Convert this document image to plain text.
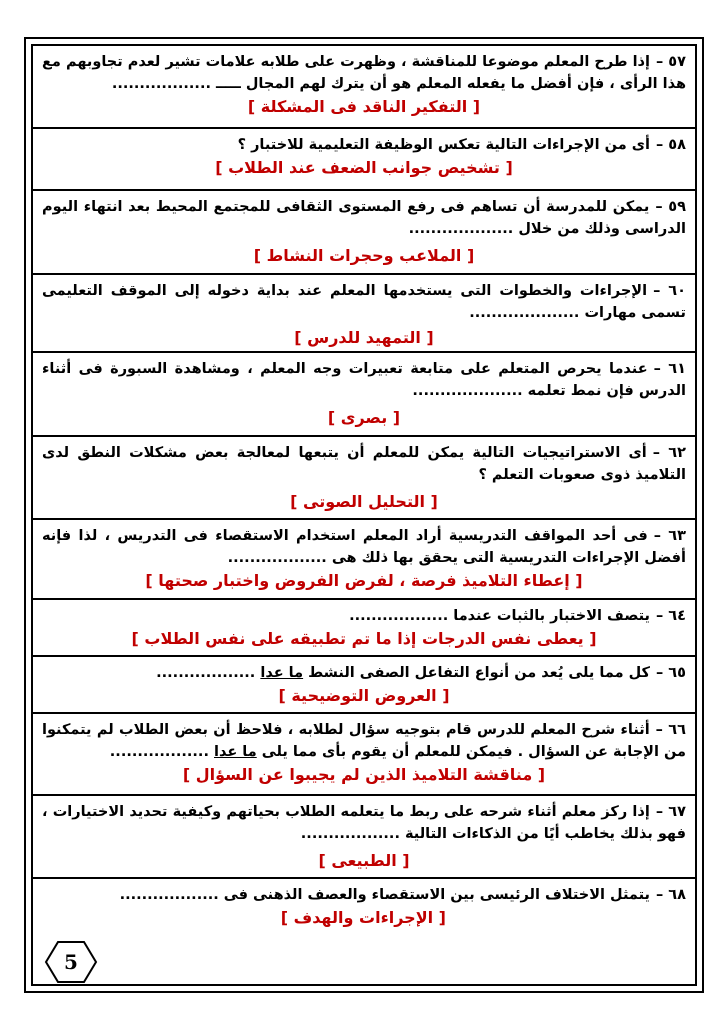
٥٧ –إذا طرح المعلم موضوعا للمناقشة ، وظهرت على طلابه علامات تشير لعدم تجاوبهم مع هذا الرأى ، فإن أفضل ما يفعله المعلم هو أن يترك لهم المجال ـــــ ..................
[ التفكير الناقد فى المشكلة ]
٥٨ –أى من الإجراءات التالية تعكس الوظيفة التعليمية للاختبار ؟
[ تشخيص جوانب الضعف عند الطلاب ]
٥٩ –يمكن للمدرسة أن تساهم فى رفع المستوى الثقافى للمجتمع المحيط بعد انتهاء اليوم الدراسى وذلك من خلال ...................
[ الملاعب وحجرات النشاط ]
٦٠ –الإجراءات والخطوات التى يستخدمها المعلم عند بداية دخوله إلى الموقف التعليمى تسمى مهارات ....................
[ التمهيد للدرس ]
٦١ –عندما يحرص المتعلم على متابعة تعبيرات وجه المعلم ، ومشاهدة السبورة فى أثناء الدرس فإن نمط تعلمه ....................
[ بصرى ]
٦٢ –أى الاستراتيجيات التالية يمكن للمعلم أن يتبعها لمعالجة بعض مشكلات النطق لدى التلاميذ ذوى صعوبات التعلم ؟
[ التحليل الصوتى ]
٦٣ –فى أحد المواقف التدريسية أراد المعلم استخدام الاستقصاء فى التدريس ، لذا فإنه أفضل الإجراءات التدريسية التى يحقق بها ذلك هى ..................
[ إعطاء التلاميذ فرصة ، لفرض الفروض واختبار صحتها ]
٦٤ –يتصف الاختبار بالثبات عندما ..................
[ يعطى نفس الدرجات إذا ما تم تطبيقه على نفس الطلاب ]
٦٥ –كل مما يلى يُعد من أنواع التفاعل الصفى النشط ما عدا ..................
[ العروض التوضيحية ]
٦٦ –أثناء شرح المعلم للدرس قام بتوجيه سؤال لطلابه ، فلاحظ أن بعض الطلاب لم يتمكنوا من الإجابة عن السؤال . فيمكن للمعلم أن يقوم بأى مما يلى ما عدا ..................
[ مناقشة التلاميذ الذين لم يجيبوا عن السؤال ]
٦٧ –إذا ركز معلم أثناء شرحه على ربط ما يتعلمه الطلاب بحياتهم وكيفية تحديد الاختيارات ، فهو بذلك يخاطب أيًا من الذكاءات التالية ..................
[ الطبيعى ]
٦٨ –يتمثل الاختلاف الرئيسى بين الاستقصاء والعصف الذهنى فى ..................
[ الإجراءات والهدف ]
5
